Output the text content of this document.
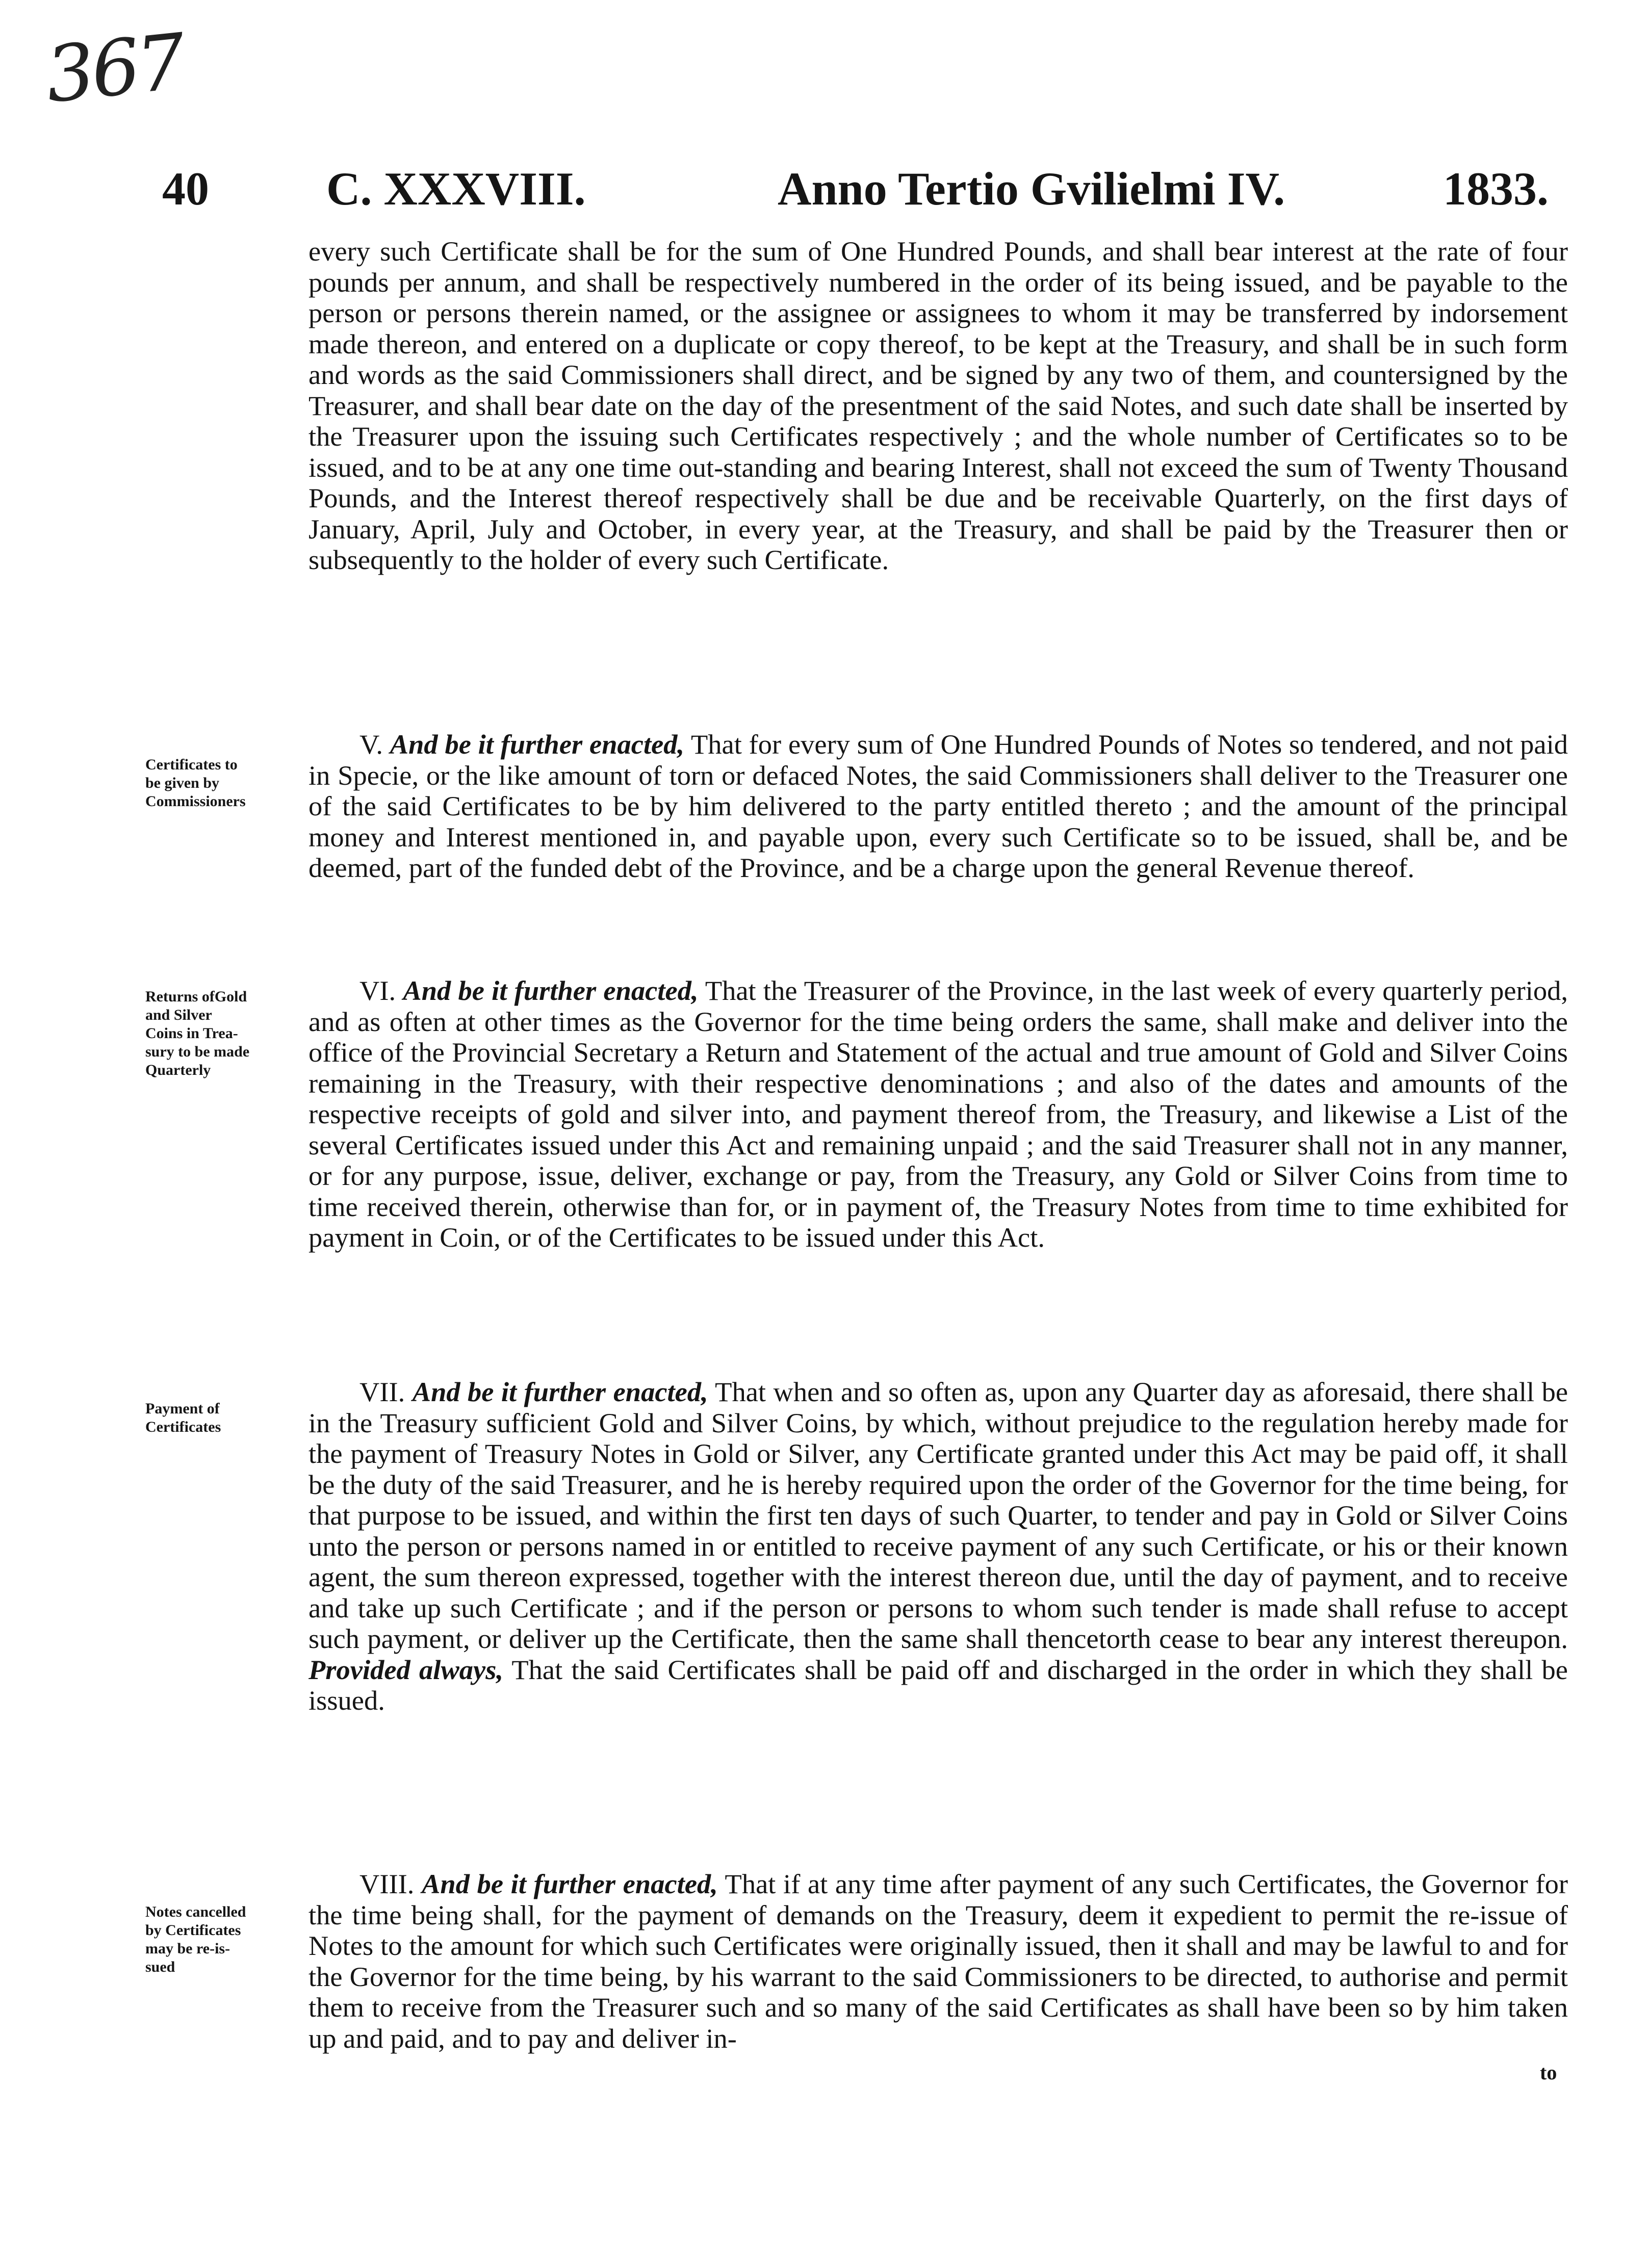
367
40	C. XXXVIII.	Anno Tertio Gvilielmi IV.	1833.
Certificates to
be given by
Commissioners
Returns ofGold
and Silver
Coins in Trea-
sury to be made
Quarterly
Payment of
Certificates
Notes cancelled
by Certificates
may be re-is-
sued

every such Certificate shall be for the sum of One Hundred Pounds, and shall bear interest at the rate of four pounds per annum, and shall be respectively numbered in the order of its being issued, and be payable to the person or persons therein named, or the assignee or assignees to whom it may be transferred by indorsement made thereon, and entered on a duplicate or copy thereof, to be kept at the Treasury, and shall be in such form and words as the said Commissioners shall direct, and be signed by any two of them, and countersigned by the Treasurer, and shall bear date on the day of the presentment of the said Notes, and such date shall be inserted by the Treasurer upon the issuing such Certificates respectively ; and the whole number of Certificates so to be issued, and to be at any one time out-standing and bearing Interest, shall not exceed the sum of Twenty Thousand Pounds, and the Interest thereof respectively shall be due and be receivable Quarterly, on the first days of January, April, July and October, in every year, at the Treasury, and shall be paid by the Treasurer then or subsequently to the holder of every such Certificate.

V. And be it further enacted, That for every sum of One Hundred Pounds of Notes so tendered, and not paid in Specie, or the like amount of torn or defaced Notes, the said Commissioners shall deliver to the Treasurer one of the said Certificates to be by him delivered to the party entitled thereto ; and the amount of the principal money and Interest mentioned in, and payable upon, every such Certificate so to be issued, shall be, and be deemed, part of the funded debt of the Province, and be a charge upon the general Revenue thereof.

VI. And be it further enacted, That the Treasurer of the Province, in the last week of every quarterly period, and as often at other times as the Governor for the time being orders the same, shall make and deliver into the office of the Provincial Secretary a Return and Statement of the actual and true amount of Gold and Silver Coins remaining in the Treasury, with their respective denominations ; and also of the dates and amounts of the respective receipts of gold and silver into, and payment thereof from, the Treasury, and likewise a List of the several Certificates issued under this Act and remaining unpaid ; and the said Treasurer shall not in any manner, or for any purpose, issue, deliver, exchange or pay, from the Treasury, any Gold or Silver Coins from time to time received therein, otherwise than for, or in payment of, the Treasury Notes from time to time exhibited for payment in Coin, or of the Certificates to be issued under this Act.

VII. And be it further enacted, That when and so often as, upon any Quarter day as aforesaid, there shall be in the Treasury sufficient Gold and Silver Coins, by which, without prejudice to the regulation hereby made for the payment of Treasury Notes in Gold or Silver, any Certificate granted under this Act may be paid off, it shall be the duty of the said Treasurer, and he is hereby required upon the order of the Governor for the time being, for that purpose to be issued, and within the first ten days of such Quarter, to tender and pay in Gold or Silver Coins unto the person or persons named in or entitled to receive payment of any such Certificate, or his or their known agent, the sum thereon expressed, together with the interest thereon due, until the day of payment, and to receive and take up such Certificate ; and if the person or persons to whom such tender is made shall refuse to accept such payment, or deliver up the Certificate, then the same shall thencetorth cease to bear any interest thereupon. Provided always, That the said Certificates shall be paid off and discharged in the order in which they shall be issued.

VIII. And be it further enacted, That if at any time after payment of any such Certificates, the Governor for the time being shall, for the payment of demands on the Treasury, deem it expedient to permit the re-issue of Notes to the amount for which such Certificates were originally issued, then it shall and may be lawful to and for the Governor for the time being, by his warrant to the said Commissioners to be directed, to authorise and permit them to receive from the Treasurer such and so many of the said Certificates as shall have been so by him taken up and paid, and to pay and deliver in-

to
